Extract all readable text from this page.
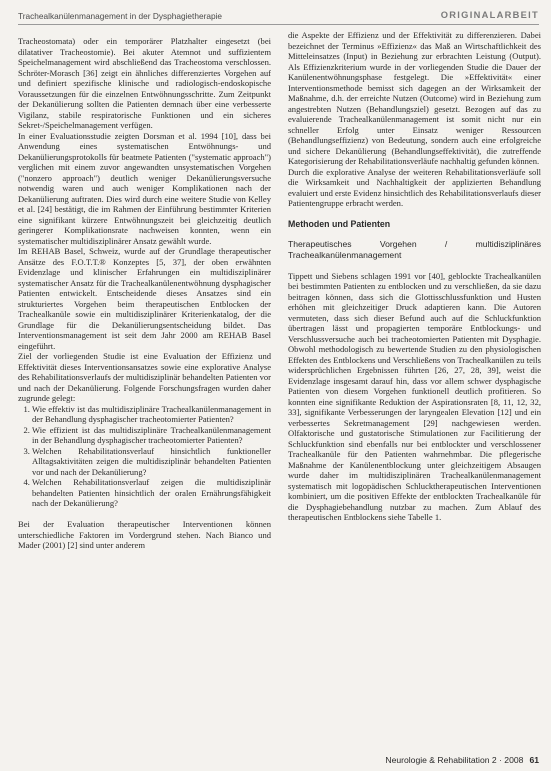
Trachealkanülenmanagement in der Dysphagietherapie	ORIGINALARBEIT

Tracheostomata) oder ein temporärer Platzhalter eingesetzt (bei dilatativer Tracheostomie). Bei akuter Atemnot und suffizientem Speichelmanagement wird abschließend das Tracheostoma verschlossen. Schröter-Morasch [36] zeigt ein ähnliches differenziertes Vorgehen auf und definiert spezifische klinische und radiologisch-endoskopische Voraussetzungen für die einzelnen Entwöhnungsschritte. Zum Zeitpunkt der Dekanülierung sollten die Patienten demnach über eine verbesserte Vigilanz, stabile respiratorische Funktionen und ein sicheres Sekret-/Speichelmanagement verfügen.

In einer Evaluationsstudie zeigten Dorsman et al. 1994 [10], dass bei Anwendung eines systematischen Entwöhnungs- und Dekanülierungsprotokolls für beatmete Patienten ("systematic approach") verglichen mit einem zuvor angewandten unsystematischen Vorgehen ("nonzero approach") deutlich weniger Dekanülierungsversuche notwendig waren und auch weniger Komplikationen nach der Dekanülierung auftraten. Dies wird durch eine weitere Studie von Kelley et al. [24] bestätigt, die im Rahmen der Einführung bestimmter Kriterien eine signifikant kürzere Entwöhnungszeit bei gleichzeitig deutlich geringerer Komplikationsrate nachweisen konnten, wenn ein systematischer multidisziplinärer Ansatz gewählt wurde.

Im REHAB Basel, Schweiz, wurde auf der Grundlage therapeutischer Ansätze des F.O.T.T.® Konzeptes [5, 37], der oben erwähnten Evidenzlage und klinischer Erfahrungen ein multidisziplinärer systematischer Ansatz für die Trachealkanülenentwöhnung dysphagischer Patienten entwickelt. Entscheidende dieses Ansatzes sind ein strukturiertes Vorgehen beim therapeutischen Entblocken der Trachealkanüle sowie ein multidisziplinärer Kriterienkatalog, der die Grundlage für die Dekanülierungsentscheidung bildet. Das Interventionsmanagement ist seit dem Jahr 2000 am REHAB Basel eingeführt.

Ziel der vorliegenden Studie ist eine Evaluation der Effizienz und Effektivität dieses Interventionsansatzes sowie eine explorative Analyse des Rehabilitationsverlaufs der multidisziplinär behandelten Patienten vor und nach der Dekanülierung. Folgende Forschungsfragen wurden daher zugrunde gelegt:

1. Wie effektiv ist das multidisziplinäre Trachealkanülenmanagement in der Behandlung dysphagischer tracheotomierter Patienten?
2. Wie effizient ist das multidisziplinäre Trachealkanülenmanagement in der Behandlung dysphagischer tracheotomierter Patienten?
3. Welchen Rehabilitationsverlauf hinsichtlich funktioneller Alltagsaktivitäten zeigen die multidisziplinär behandelten Patienten vor und nach der Dekanülierung?
4. Welchen Rehabilitationsverlauf zeigen die multidisziplinär behandelten Patienten hinsichtlich der oralen Ernährungsfähigkeit nach der Dekanülierung?

Bei der Evaluation therapeutischer Interventionen können unterschiedliche Faktoren im Vordergrund stehen. Nach Bianco und Mader (2001) [2] sind unter anderem

die Aspekte der Effizienz und der Effektivität zu differenzieren. Dabei bezeichnet der Terminus »Effizienz« das Maß an Wirtschaftlichkeit des Mitteleinsatzes (Input) in Beziehung zur erbrachten Leistung (Output). Als Effizienzkriterium wurde in der vorliegenden Studie die Dauer der Kanülenentwöhnungsphase festgelegt. Die »Effektivität« einer Interventionsmethode bemisst sich dagegen an der Wirksamkeit der Maßnahme, d.h. der erreichte Nutzen (Outcome) wird in Beziehung zum angestrebten Nutzen (Behandlungsziel) gesetzt. Bezogen auf das zu evaluierende Trachealkanülenmanagement ist somit nicht nur ein schneller Erfolg unter Einsatz weniger Ressourcen (Behandlungseffizienz) von Bedeutung, sondern auch eine erfolgreiche und sichere Dekanülierung (Behandlungseffektivität), die zutreffende Kategorisierung der Rehabilitationsverläufe nachhaltig gefunden können.

Durch die explorative Analyse der weiteren Rehabilitationsverläufe soll die Wirksamkeit und Nachhaltigkeit der applizierten Behandlung evaluiert und erste Evidenz hinsichtlich des Rehabilitationsverlaufs dieser Patientengruppe erbracht werden.

Methoden und Patienten
Therapeutisches Vorgehen / multidisziplinäres Trachealkanülenmanagement

Tippett und Siebens schlagen 1991 vor [40], geblockte Trachealkanülen bei bestimmten Patienten zu entblocken und zu verschließen, da sie dazu beitragen können, dass sich die Glottisschlussfunktion und Husten erhöhen mit gleichzeitiger Druck adaptieren kann. Die Autoren vermuteten, dass sich dieser Befund auch auf die Schluckfunktion übertragen lässt und propagierten temporäre Entblockungs- und Verschlussversuche auch bei tracheotomierten Patienten mit Dysphagie. Obwohl methodologisch zu bewertende Studien zu den physiologischen Effekten des Entblockens und Verschließens von Trachealkanülen zu teils widersprüchlichen Ergebnissen führten [26, 27, 28, 39], weist die Evidenzlage insgesamt darauf hin, dass vor allem schwer dysphagische Patienten von diesem Vorgehen funktionell deutlich profitieren. So konnten eine signifikante Reduktion der Aspirationsraten [8, 11, 12, 32, 33], signifikante Verbesserungen der laryngealen Elevation [12] und ein verbessertes Sekretmanagement [29] nachgewiesen werden. Olfaktorische und gustatorische Stimulationen zur Facilitierung der Schluckfunktion sind ebenfalls nur bei entblockter und verschlossener Trachealkanüle für den Patienten wahrnehmbar. Die pflegerische Maßnahme der Kanülenentblockung unter gleichzeitigem Absaugen wurde daher im multidisziplinären Trachealkanülenmanagement systematisch mit logopädischen Schlucktherapeutischen Interventionen kombiniert, um die positiven Effekte der entblockten Trachealkanüle für die Dysphagiebehandlung nutzbar zu machen. Zum Ablauf des therapeutischen Entblockens siehe Tabelle 1.

Neurologie & Rehabilitation 2 · 2008 61
